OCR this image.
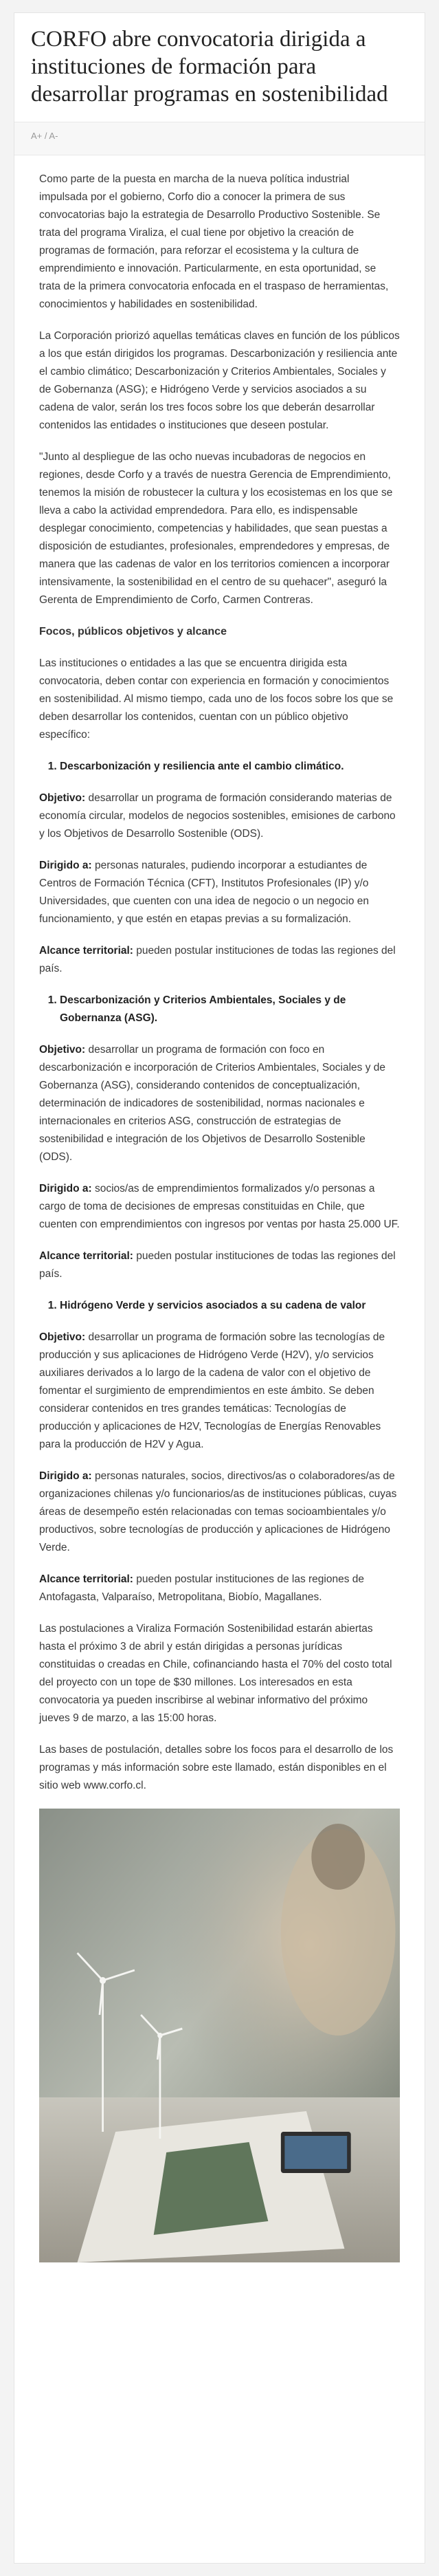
CORFO abre convocatoria dirigida a instituciones de formación para desarrollar programas en sostenibilidad
A+ / A-

Como parte de la puesta en marcha de la nueva política industrial impulsada por el gobierno, Corfo dio a conocer la primera de sus convocatorias bajo la estrategia de Desarrollo Productivo Sostenible. Se trata del programa Viraliza, el cual tiene por objetivo la creación de programas de formación, para reforzar el ecosistema y la cultura de emprendimiento e innovación. Particularmente, en esta oportunidad, se trata de la primera convocatoria enfocada en el traspaso de herramientas, conocimientos y habilidades en sostenibilidad.

La Corporación priorizó aquellas temáticas claves en función de los públicos a los que están dirigidos los programas. Descarbonización y resiliencia ante el cambio climático; Descarbonización y Criterios Ambientales, Sociales y de Gobernanza (ASG); e Hidrógeno Verde y servicios asociados a su cadena de valor, serán los tres focos sobre los que deberán desarrollar contenidos las entidades o instituciones que deseen postular.

"Junto al despliegue de las ocho nuevas incubadoras de negocios en regiones, desde Corfo y a través de nuestra Gerencia de Emprendimiento, tenemos la misión de robustecer la cultura y los ecosistemas en los que se lleva a cabo la actividad emprendedora. Para ello, es indispensable desplegar conocimiento, competencias y habilidades, que sean puestas a disposición de estudiantes, profesionales, emprendedores y empresas, de manera que las cadenas de valor en los territorios comiencen a incorporar intensivamente, la sostenibilidad en el centro de su quehacer", aseguró la Gerenta de Emprendimiento de Corfo, Carmen Contreras.

Focos, públicos objetivos y alcance

Las instituciones o entidades a las que se encuentra dirigida esta convocatoria, deben contar con experiencia en formación y conocimientos en sostenibilidad. Al mismo tiempo, cada uno de los focos sobre los que se deben desarrollar los contenidos, cuentan con un público objetivo específico:

1. Descarbonización y resiliencia ante el cambio climático.

Objetivo: desarrollar un programa de formación considerando materias de economía circular, modelos de negocios sostenibles, emisiones de carbono y los Objetivos de Desarrollo Sostenible (ODS).

Dirigido a: personas naturales, pudiendo incorporar a estudiantes de Centros de Formación Técnica (CFT), Institutos Profesionales (IP) y/o Universidades, que cuenten con una idea de negocio o un negocio en funcionamiento, y que estén en etapas previas a su formalización.

Alcance territorial: pueden postular instituciones de todas las regiones del país.

1. Descarbonización y Criterios Ambientales, Sociales y de Gobernanza (ASG).

Objetivo: desarrollar un programa de formación con foco en descarbonización e incorporación de Criterios Ambientales, Sociales y de Gobernanza (ASG), considerando contenidos de conceptualización, determinación de indicadores de sostenibilidad, normas nacionales e internacionales en criterios ASG, construcción de estrategias de sostenibilidad e integración de los Objetivos de Desarrollo Sostenible (ODS).

Dirigido a: socios/as de emprendimientos formalizados y/o personas a cargo de toma de decisiones de empresas constituidas en Chile, que cuenten con emprendimientos con ingresos por ventas por hasta 25.000 UF.

Alcance territorial: pueden postular instituciones de todas las regiones del país.

1. Hidrógeno Verde y servicios asociados a su cadena de valor

Objetivo: desarrollar un programa de formación sobre las tecnologías de producción y sus aplicaciones de Hidrógeno Verde (H2V), y/o servicios auxiliares derivados a lo largo de la cadena de valor con el objetivo de fomentar el surgimiento de emprendimientos en este ámbito. Se deben considerar contenidos en tres grandes temáticas: Tecnologías de producción y aplicaciones de H2V, Tecnologías de Energías Renovables para la producción de H2V y Agua.

Dirigido a: personas naturales, socios, directivos/as o colaboradores/as de organizaciones chilenas y/o funcionarios/as de instituciones públicas, cuyas áreas de desempeño estén relacionadas con temas socioambientales y/o productivos, sobre tecnologías de producción y aplicaciones de Hidrógeno Verde.

Alcance territorial: pueden postular instituciones de las regiones de Antofagasta, Valparaíso, Metropolitana, Biobío, Magallanes.

Las postulaciones a Viraliza Formación Sostenibilidad estarán abiertas hasta el próximo 3 de abril y están dirigidas a personas jurídicas constituidas o creadas en Chile, cofinanciando hasta el 70% del costo total del proyecto con un tope de $30 millones. Los interesados en esta convocatoria ya pueden inscribirse al webinar informativo del próximo jueves 9 de marzo, a las 15:00 horas.

Las bases de postulación, detalles sobre los focos para el desarrollo de los programas y más información sobre este llamado, están disponibles en el sitio web www.corfo.cl.
